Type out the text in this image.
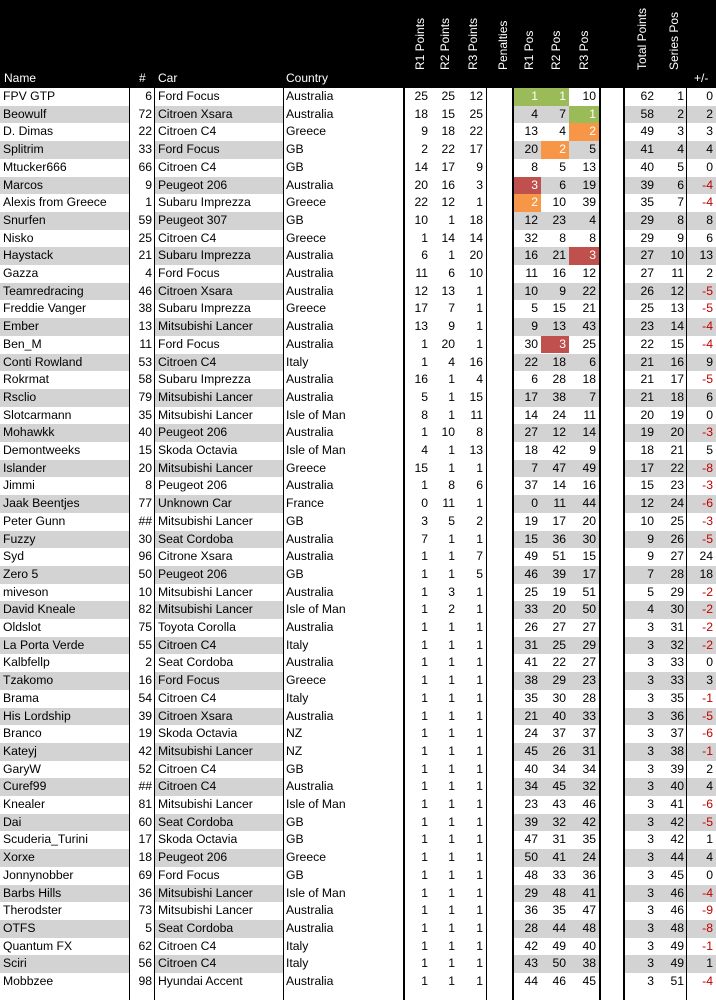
Name	# Car	Country
R1 Points R2 Points R3 Points Penalties R1 Pos R2 Pos R3 Pos	Total Points Series Pos
+/-
FPV GTP	6 Ford Focus	Australia	25	25	12	1	1	10	62	1	0
Beowulf	72 Citroen Xsara	Australia	18	15	25	4	7	1	58	2	2
D. Dimas	22 Citroen C4	Greece	9	18	22	13	4	2	49	3	3
Splitrim	33 Ford Focus	GB	2	22	17	20	2	5	41	4	4
Mtucker666	66 Citroen C4	GB	14	17	9	8	5	13	40	5	0
Marcos	9 Peugeot 206	Australia	20	16	3	3	6	19	39	6	-4
Alexis from Greece	1 Subaru Imprezza	Greece	22	12	1	2	10	39	35	7	-4
Snurfen	59 Peugeot 307	GB	10	1	18	12	23	4	29	8	8
Nisko	25 Citroen C4	Greece	1	14	14	32	8	8	29	9	6
Haystack	21 Subaru Imprezza	Australia	6	1	20	16	21	3	27	10	13
Gazza	4 Ford Focus	Australia	11	6	10	11	16	12	27	11	2
Teamredracing	46 Citroen Xsara	Australia	12	13	1	10	9	22	26	12	-5
Freddie Vanger	38 Subaru Imprezza	Greece	17	7	1	5	15	21	25	13	-5
Ember	13 Mitsubishi Lancer	Australia	13	9	1	9	13	43	23	14	-4
Ben_M	11 Ford Focus	Australia	1	20	1	30	3	25	22	15	-4
Conti Rowland	53 Citroen C4	Italy	1	4	16	22	18	6	21	16	9
Rokrmat	58 Subaru Imprezza	Australia	16	1	4	6	28	18	21	17	-5
Rsclio	79 Mitsubishi Lancer	Australia	5	1	15	17	38	7	21	18	6
Slotcarmann	35 Mitsubishi Lancer	Isle of Man	8	1	11	14	24	11	20	19	0
Mohawkk	40 Peugeot 206	Australia	1	10	8	27	12	14	19	20	-3
Demontweeks	15 Skoda Octavia	Isle of Man	4	1	13	18	42	9	18	21	5
Islander	20 Mitsubishi Lancer	Greece	15	1	1	7	47	49	17	22	-8
Jimmi	8 Peugeot 206	Australia	1	8	6	37	14	16	15	23	-3
Jaak Beentjes	77 Unknown Car	France	0	11	1	0	11	44	12	24	-6
Peter Gunn	## Mitsubishi Lancer	GB	3	5	2	19	17	20	10	25	-3
Fuzzy	30 Seat Cordoba	Australia	7	1	1	15	36	30	9	26	-5
Syd	96 Citrone Xsara	Australia	1	1	7	49	51	15	9	27	24
Zero 5	50 Peugeot 206	GB	1	1	5	46	39	17	7	28	18
miveson	10 Mitsubishi Lancer	Australia	1	3	1	25	19	51	5	29	-2
David Kneale	82 Mitsubishi Lancer	Isle of Man	1	2	1	33	20	50	4	30	-2
Oldslot	75 Toyota Corolla	Australia	1	1	1	26	27	27	3	31	-2
La Porta Verde	55 Citroen C4	Italy	1	1	1	31	25	29	3	32	-2
Kalbfellp	2 Seat Cordoba	Australia	1	1	1	41	22	27	3	33	0
Tzakomo	16 Ford Focus	Greece	1	1	1	38	29	23	3	33	3
Brama	54 Citroen C4	Italy	1	1	1	35	30	28	3	35	-1
His Lordship	39 Citroen Xsara	Australia	1	1	1	21	40	33	3	36	-5
Branco	19 Skoda Octavia	NZ	1	1	1	24	37	37	3	37	-6
Kateyj	42 Mitsubishi Lancer	NZ	1	1	1	45	26	31	3	38	-1
GaryW	52 Citroen C4	GB	1	1	1	40	34	34	3	39	2
Curef99	## Citroen C4	Australia	1	1	1	34	45	32	3	40	4
Knealer	81 Mitsubishi Lancer	Isle of Man	1	1	1	23	43	46	3	41	-6
Dai	60 Seat Cordoba	GB	1	1	1	39	32	42	3	42	-5
Scuderia_Turini	17 Skoda Octavia	GB	1	1	1	47	31	35	3	42	1
Xorxe	18 Peugeot 206	Greece	1	1	1	50	41	24	3	44	4
Jonnynobber	69 Ford Focus	GB	1	1	1	48	33	36	3	45	0
Barbs Hills	36 Mitsubishi Lancer	Isle of Man	1	1	1	29	48	41	3	46	-4
Therodster	73 Mitsubishi Lancer	Australia	1	1	1	36	35	47	3	46	-9
OTFS	5 Seat Cordoba	Australia	1	1	1	28	44	48	3	48	-8
Quantum FX	62 Citroen C4	Italy	1	1	1	42	49	40	3	49	-1
Sciri	56 Citroen C4	Italy	1	1	1	43	50	38	3	49	1
Mobbzee	98 Hyundai Accent	Australia	1	1	1	44	46	45	3	51	-4
